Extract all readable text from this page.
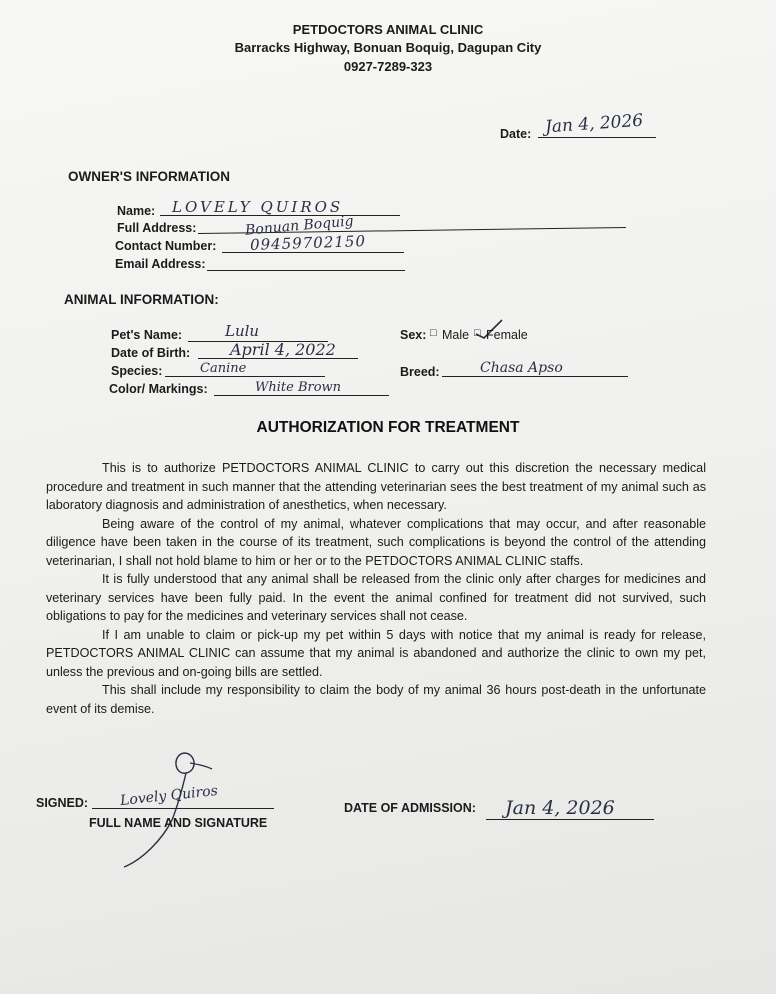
PETDOCTORS ANIMAL CLINIC
Barracks Highway, Bonuan Boquig, Dagupan City
0927-7289-323
Date: Jan 4, 2026
OWNER'S INFORMATION
Name: LOVELY QUIROS
Full Address:	Bonuan Boquig
Contact Number: 09459702150
Email Address:
ANIMAL INFORMATION:
Pet's Name:	Lulu
Date of Birth: April 4, 2022
Species:	Canine
Color/ Markings:	White Brown
Sex: □ Male □ Female
Breed:	Chasa Apso
AUTHORIZATION FOR TREATMENT

This is to authorize PETDOCTORS ANIMAL CLINIC to carry out this discretion the necessary medical procedure and treatment in such manner that the attending veterinarian sees the best treatment of my animal such as laboratory diagnosis and administration of anesthetics, when necessary.

Being aware of the control of my animal, whatever complications that may occur, and after reasonable diligence have been taken in the course of its treatment, such complications is beyond the control of the attending veterinarian, I shall not hold blame to him or her or to the PETDOCTORS ANIMAL CLINIC staffs.

It is fully understood that any animal shall be released from the clinic only after charges for medicines and veterinary services have been fully paid. In the event the animal confined for treatment did not survived, such obligations to pay for the medicines and veterinary services shall not cease.

If I am unable to claim or pick-up my pet within 5 days with notice that my animal is ready for release, PETDOCTORS ANIMAL CLINIC can assume that my animal is abandoned and authorize the clinic to own my pet, unless the previous and on-going bills are settled.

This shall include my responsibility to claim the body of my animal 36 hours post-death in the unfortunate event of its demise.

SIGNED: Lovely Quiros
FULL NAME AND SIGNATURE
DATE OF ADMISSION: Jan 4, 2026
